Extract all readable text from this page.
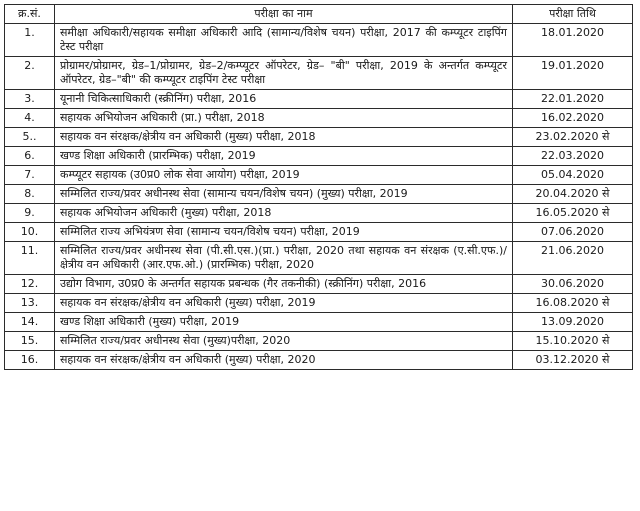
क्र.सं.	परीक्षा का नाम	परीक्षा तिथि
1.	समीक्षा अधिकारी/सहायक समीक्षा अधिकारी आदि (सामान्य/विशेष चयन) परीक्षा, 2017 की कम्प्यूटर टाइपिंग टेस्ट परीक्षा	18.01.2020
2.	प्रोग्रामर/प्रोग्रामर, ग्रेड–1/प्रोग्रामर, ग्रेड–2/कम्प्यूटर ऑपरेटर, ग्रेड– "बी" परीक्षा, 2019 के अन्तर्गत कम्प्यूटर ऑपरेटर, ग्रेड–"बी" की कम्प्यूटर टाइपिंग टेस्ट परीक्षा	19.01.2020
3.	यूनानी चिकित्साधिकारी (स्क्रीनिंग) परीक्षा, 2016	22.01.2020
4.	सहायक अभियोजन अधिकारी (प्रा.) परीक्षा, 2018	16.02.2020
5..	सहायक वन संरक्षक/क्षेत्रीय वन अधिकारी (मुख्य) परीक्षा, 2018	23.02.2020 से
6.	खण्ड शिक्षा अधिकारी (प्रारम्भिक) परीक्षा, 2019	22.03.2020
7.	कम्प्यूटर सहायक (उ0प्र0 लोक सेवा आयोग) परीक्षा, 2019	05.04.2020
8.	सम्मिलित राज्य/प्रवर अधीनस्थ सेवा (सामान्य चयन/विशेष चयन) (मुख्य) परीक्षा, 2019	20.04.2020 से
9.	सहायक अभियोजन अधिकारी (मुख्य) परीक्षा, 2018	16.05.2020 से
10.	सम्मिलित राज्य अभियंत्रण सेवा (सामान्य चयन/विशेष चयन) परीक्षा, 2019	07.06.2020
11.	सम्मिलित राज्य/प्रवर अधीनस्थ सेवा (पी.सी.एस.)(प्रा.) परीक्षा, 2020 तथा सहायक वन संरक्षक (ए.सी.एफ.)/क्षेत्रीय वन अधिकारी (आर.एफ.ओ.) (प्रारम्भिक) परीक्षा, 2020	21.06.2020
12.	उद्योग विभाग, उ0प्र0 के अन्तर्गत सहायक प्रबन्धक (गैर तकनीकी) (स्क्रीनिंग) परीक्षा, 2016	30.06.2020
13.	सहायक वन संरक्षक/क्षेत्रीय वन अधिकारी (मुख्य) परीक्षा, 2019	16.08.2020 से
14.	खण्ड शिक्षा अधिकारी (मुख्य) परीक्षा, 2019	13.09.2020
15.	सम्मिलित राज्य/प्रवर अधीनस्थ सेवा (मुख्य)परीक्षा, 2020	15.10.2020 से
16.	सहायक वन संरक्षक/क्षेत्रीय वन अधिकारी (मुख्य) परीक्षा, 2020	03.12.2020 से
